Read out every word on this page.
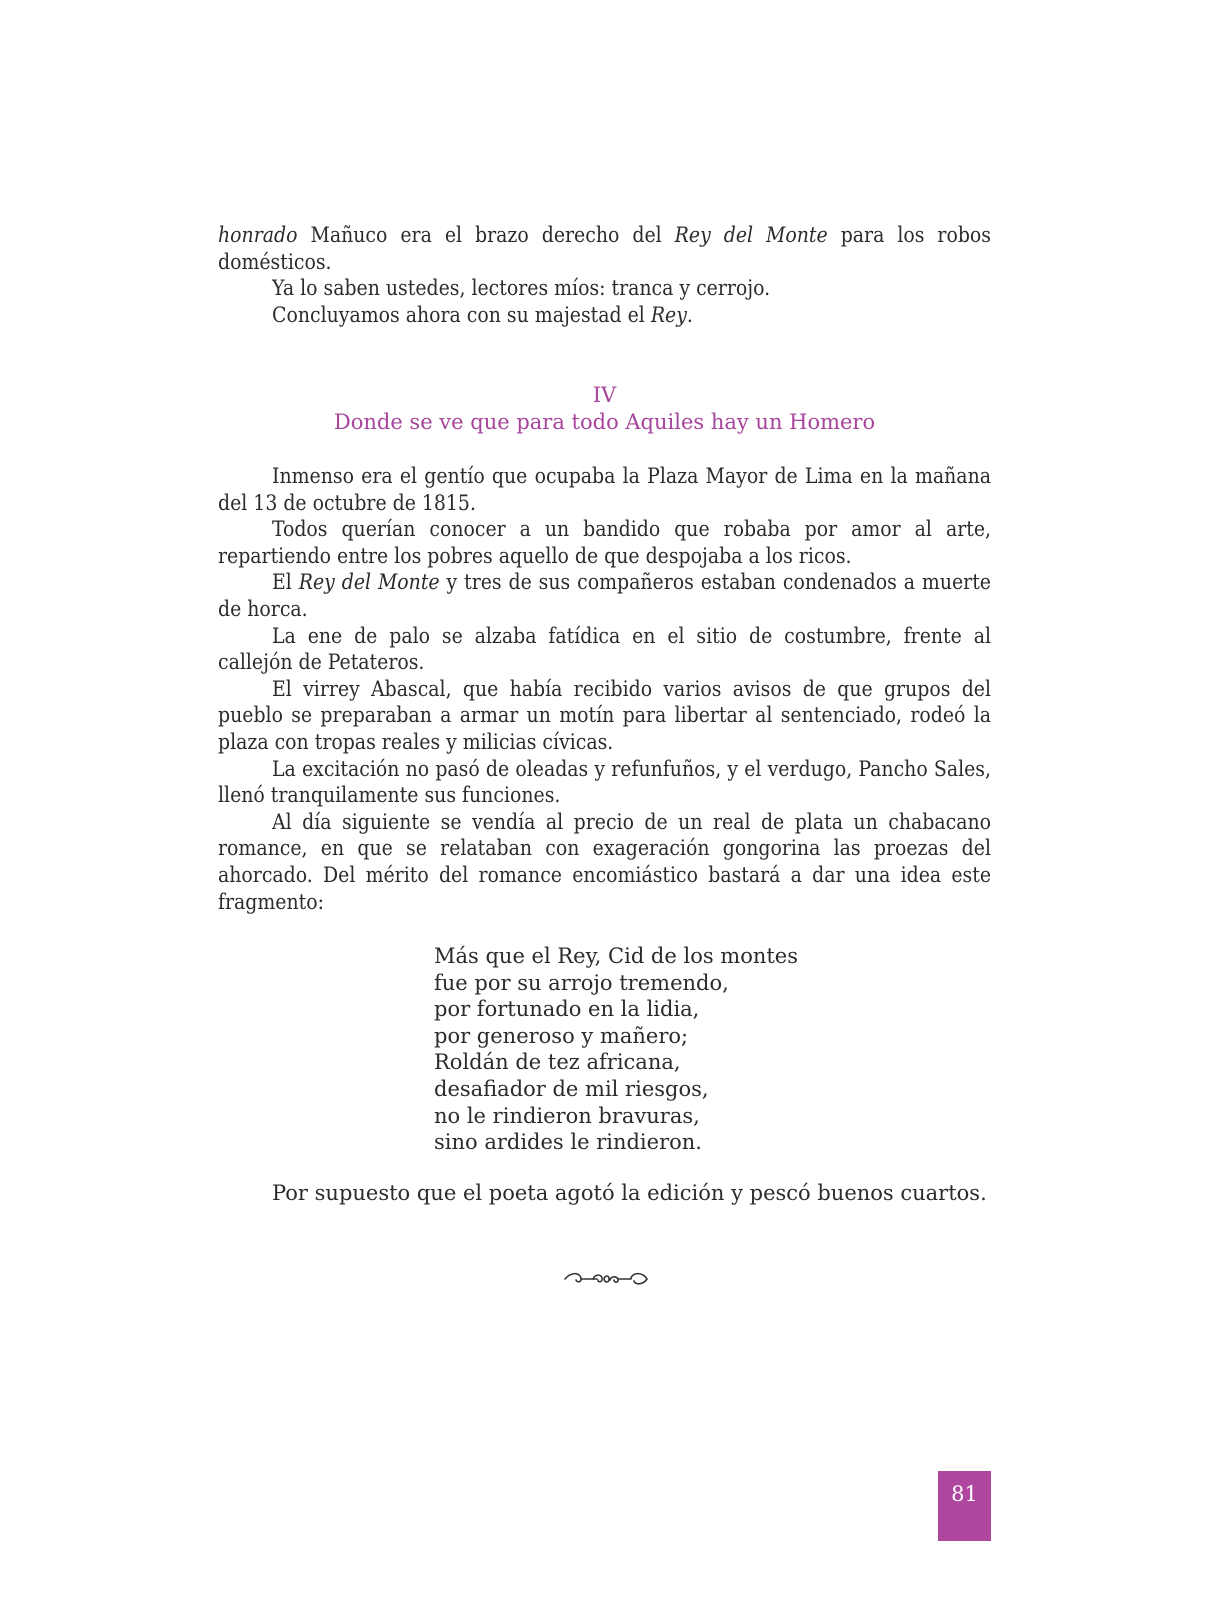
honrado Mañuco era el brazo derecho del Rey del Monte para los robos domésticos.

Ya lo saben ustedes, lectores míos: tranca y cerrojo.

Concluyamos ahora con su majestad el Rey.

IV
Donde se ve que para todo Aquiles hay un Homero

Inmenso era el gentío que ocupaba la Plaza Mayor de Lima en la mañana del 13 de octubre de 1815.

Todos querían conocer a un bandido que robaba por amor al arte, repartiendo entre los pobres aquello de que despojaba a los ricos.

El Rey del Monte y tres de sus compañeros estaban condenados a muerte de horca.

La ene de palo se alzaba fatídica en el sitio de costumbre, frente al callejón de Petateros.

El virrey Abascal, que había recibido varios avisos de que grupos del pueblo se preparaban a armar un motín para libertar al sentenciado, rodeó la plaza con tropas reales y milicias cívicas.

La excitación no pasó de oleadas y refunfuños, y el verdugo, Pancho Sales, llenó tranquilamente sus funciones.

Al día siguiente se vendía al precio de un real de plata un chabacano romance, en que se relataban con exageración gongorina las proezas del ahorcado. Del mérito del romance encomiástico bastará a dar una idea este fragmento:

Más que el Rey, Cid de los montes
fue por su arrojo tremendo,
por fortunado en la lidia,
por generoso y mañero;
Roldán de tez africana,
desafiador de mil riesgos,
no le rindieron bravuras,
sino ardides le rindieron.

Por supuesto que el poeta agotó la edición y pescó buenos cuartos.

81
